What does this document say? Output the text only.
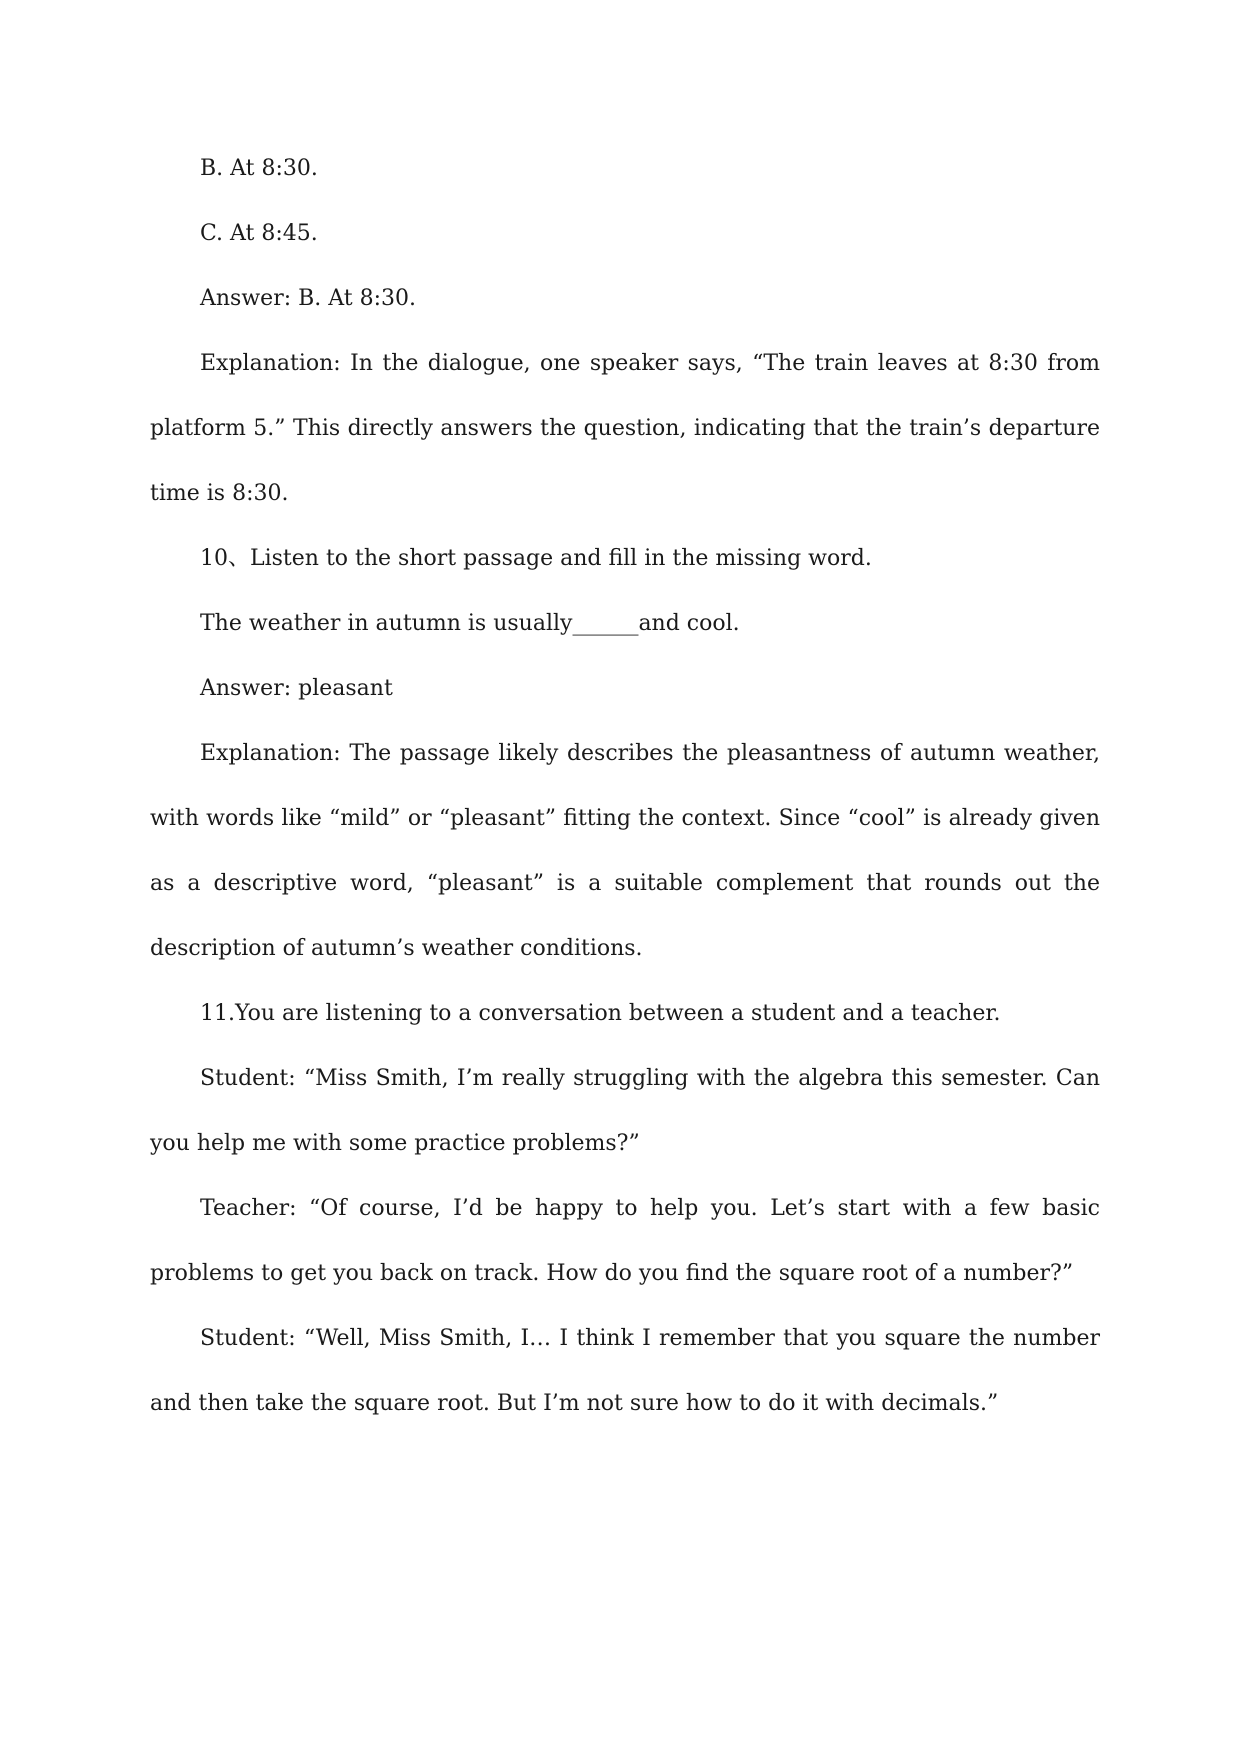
B. At 8:30.

C. At 8:45.

Answer: B. At 8:30.

Explanation: In the dialogue, one speaker says, “The train leaves at 8:30 from platform 5.” This directly answers the question, indicating that the train’s departure time is 8:30.

10、Listen to the short passage and fill in the missing word.

The weather in autumn is usually______and cool.

Answer: pleasant

Explanation: The passage likely describes the pleasantness of autumn weather, with words like “mild” or “pleasant” fitting the context. Since “cool” is already given as a descriptive word, “pleasant” is a suitable complement that rounds out the description of autumn’s weather conditions.

11.You are listening to a conversation between a student and a teacher.

Student: “Miss Smith, I’m really struggling with the algebra this semester. Can you help me with some practice problems?”

Teacher: “Of course, I’d be happy to help you. Let’s start with a few basic problems to get you back on track. How do you find the square root of a number?”

Student: “Well, Miss Smith, I… I think I remember that you square the number and then take the square root. But I’m not sure how to do it with decimals.”
